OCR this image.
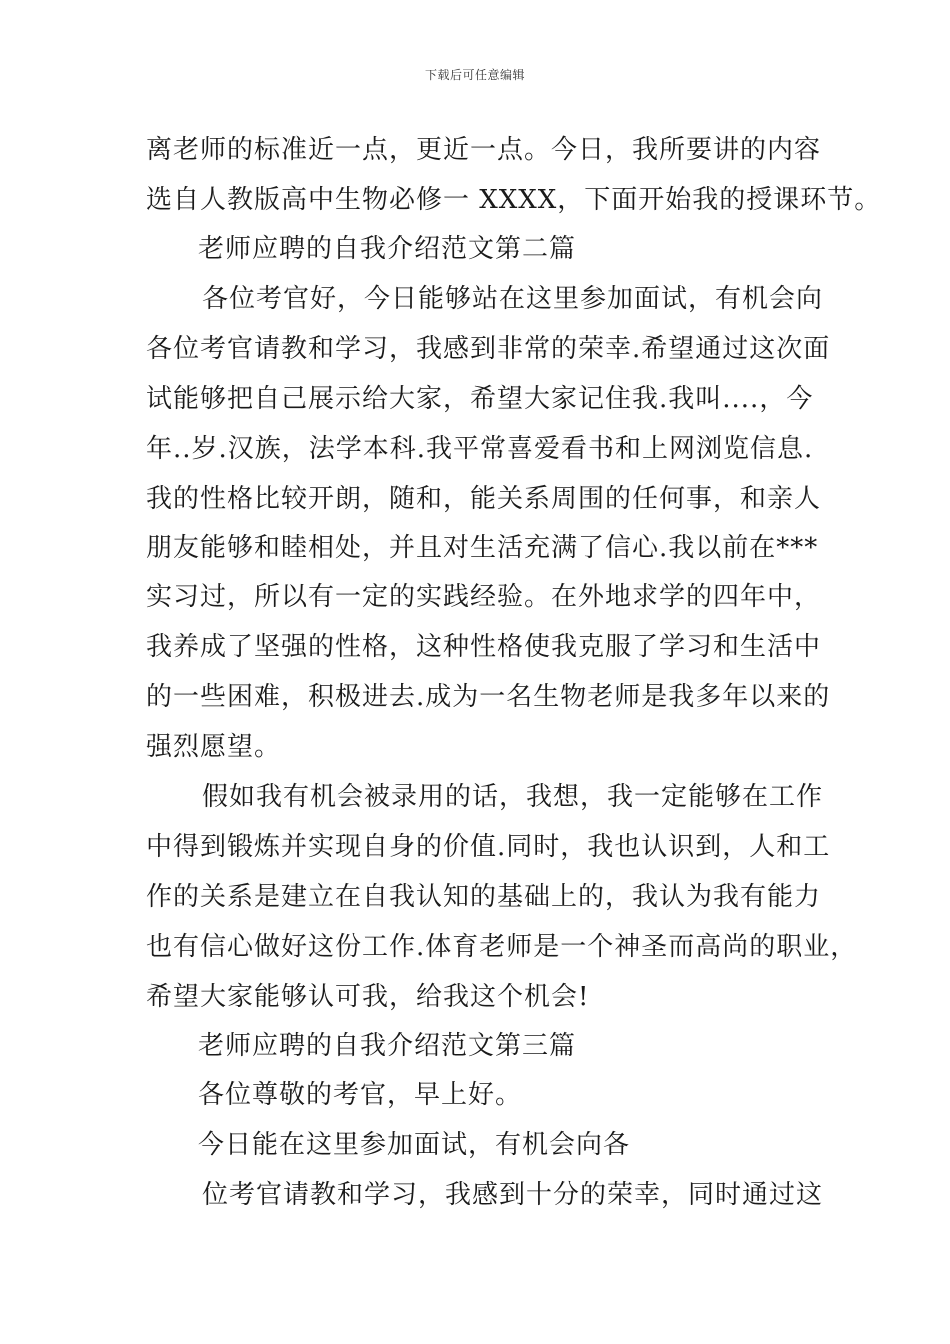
下载后可任意编辑
离老师的标准近一点，更近一点。今日，我所要讲的内容
选自人教版高中生物必修一 XXXX，下面开始我的授课环节。
老师应聘的自我介绍范文第二篇
各位考官好，今日能够站在这里参加面试，有机会向
各位考官请教和学习，我感到非常的荣幸.希望通过这次面
试能够把自己展示给大家，希望大家记住我.我叫....，今
年..岁.汉族，法学本科.我平常喜爱看书和上网浏览信息.
我的性格比较开朗，随和，能关系周围的任何事，和亲人
朋友能够和睦相处，并且对生活充满了信心.我以前在***
实习过，所以有一定的实践经验。在外地求学的四年中，
我养成了坚强的性格，这种性格使我克服了学习和生活中
的一些困难，积极进去.成为一名生物老师是我多年以来的
强烈愿望。
假如我有机会被录用的话，我想，我一定能够在工作
中得到锻炼并实现自身的价值.同时，我也认识到，人和工
作的关系是建立在自我认知的基础上的，我认为我有能力
也有信心做好这份工作.体育老师是一个神圣而高尚的职业，
希望大家能够认可我，给我这个机会!
老师应聘的自我介绍范文第三篇
各位尊敬的考官，早上好。
今日能在这里参加面试，有机会向各
位考官请教和学习，我感到十分的荣幸，同时通过这
